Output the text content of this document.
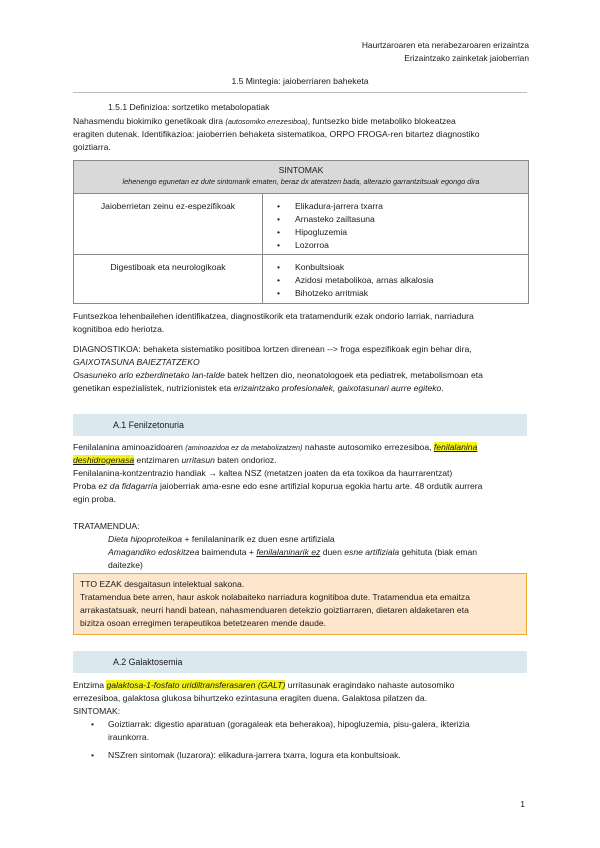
Haurtzaroaren eta nerabezaroaren erizaintza
Erizaintzako zainketak jaioberrian
1.5 Mintegia: jaioberriaren baheketa
1.5.1 Definizioa: sortzetiko metabolopatiak

Nahasmendu biokimiko genetikoak dira (autosomiko errezesiboa), funtsezko bide metaboliko blokeatzea

eragiten dutenak. Identifikazioa: jaioberrien behaketa sistematikoa, ORPO FROGA-ren bitartez diagnostiko

goiztiarra.

SINTOMAK
lehenengo egunetan ez dute sintomarik ematen, beraz dx ateratzen bada, alterazio garrantzitsuak egongo dira
Jaioberrietan zeinu ez-espezifikoak	• Elikadura-jarrera txarra
• Arnasteko zailtasuna
• Hipogluzemia
• Lozorroa
Digestiboak eta neurologikoak	• Konbultsioak
• Azidosi metabolikoa, arnas alkalosia
• Bihotzeko arritmiak

Funtsezkoa lehenbailehen identifikatzea, diagnostikorik eta tratamendurik ezak ondorio larriak, narriadura

kognitiboa edo heriotza.

DIAGNOSTIKOA: behaketa sistematiko positiboa lortzen direnean --> froga espezifikoak egin behar dira,

GAIXOTASUNA BAIEZTATZEKO

Osasuneko arlo ezberdinetako lan-talde batek heltzen dio, neonatologoek eta pediatrek, metabolismoan eta

genetikan espezialistek, nutrizionistek eta erizaintzako profesionalek, gaixotasunari aurre egiteko.

A.1 Fenilzetonuria

Fenilalanina aminoazidoaren (aminoazidoa ez da metabolizatzen) nahaste autosomiko errezesiboa, fenilalanina

deshidrogenasa entzimaren urritasun baten ondorioz.

Fenilalanina-kontzentrazio handiak → kaltea NSZ (metatzen joaten da eta toxikoa da haurrarentzat)

Proba ez da fidagarria jaioberriak ama-esne edo esne artifizial kopurua egokia hartu arte. 48 ordutik aurrera

egin proba.

TRATAMENDUA:

Dieta hipoproteikoa + fenilalaninarik ez duen esne artifiziala

Amagandiko edoskitzea baimendutа + fenilalaninarik ez duen esne artifiziala gehituta (biak eman

daitezke)

TTO EZAK desgaitasun intelektual sakona.

Tratamendua bete arren, haur askok nolabaiteko narriadura kognitiboa dute. Tratamendua eta emaitza

arrakastatsuak, neurri handi batean, nahasmenduaren detekzio goiztiarraren, dietaren aldaketaren eta

bizitza osoan erregimen terapeutikoa betetzearen mende daude.

A.2 Galaktosemia

Entzima galaktosa-1-fosfato uridiltransferasaren (GALT) urritasunak eragindako nahaste autosomiko

errezesiboa, galaktosa glukosa bihurtzeko ezintasuna eragiten duena. Galaktosa pilatzen da.

SINTOMAK:

• Goiztiarrak: digestio aparatuan (goragaleak eta beherakoa), hipogluzemia, pisu-galera, ikterizia
iraunkorra.
• NSZren sintomak (luzarora): elikadura-jarrera txarra, logura eta konbultsioak.
1
